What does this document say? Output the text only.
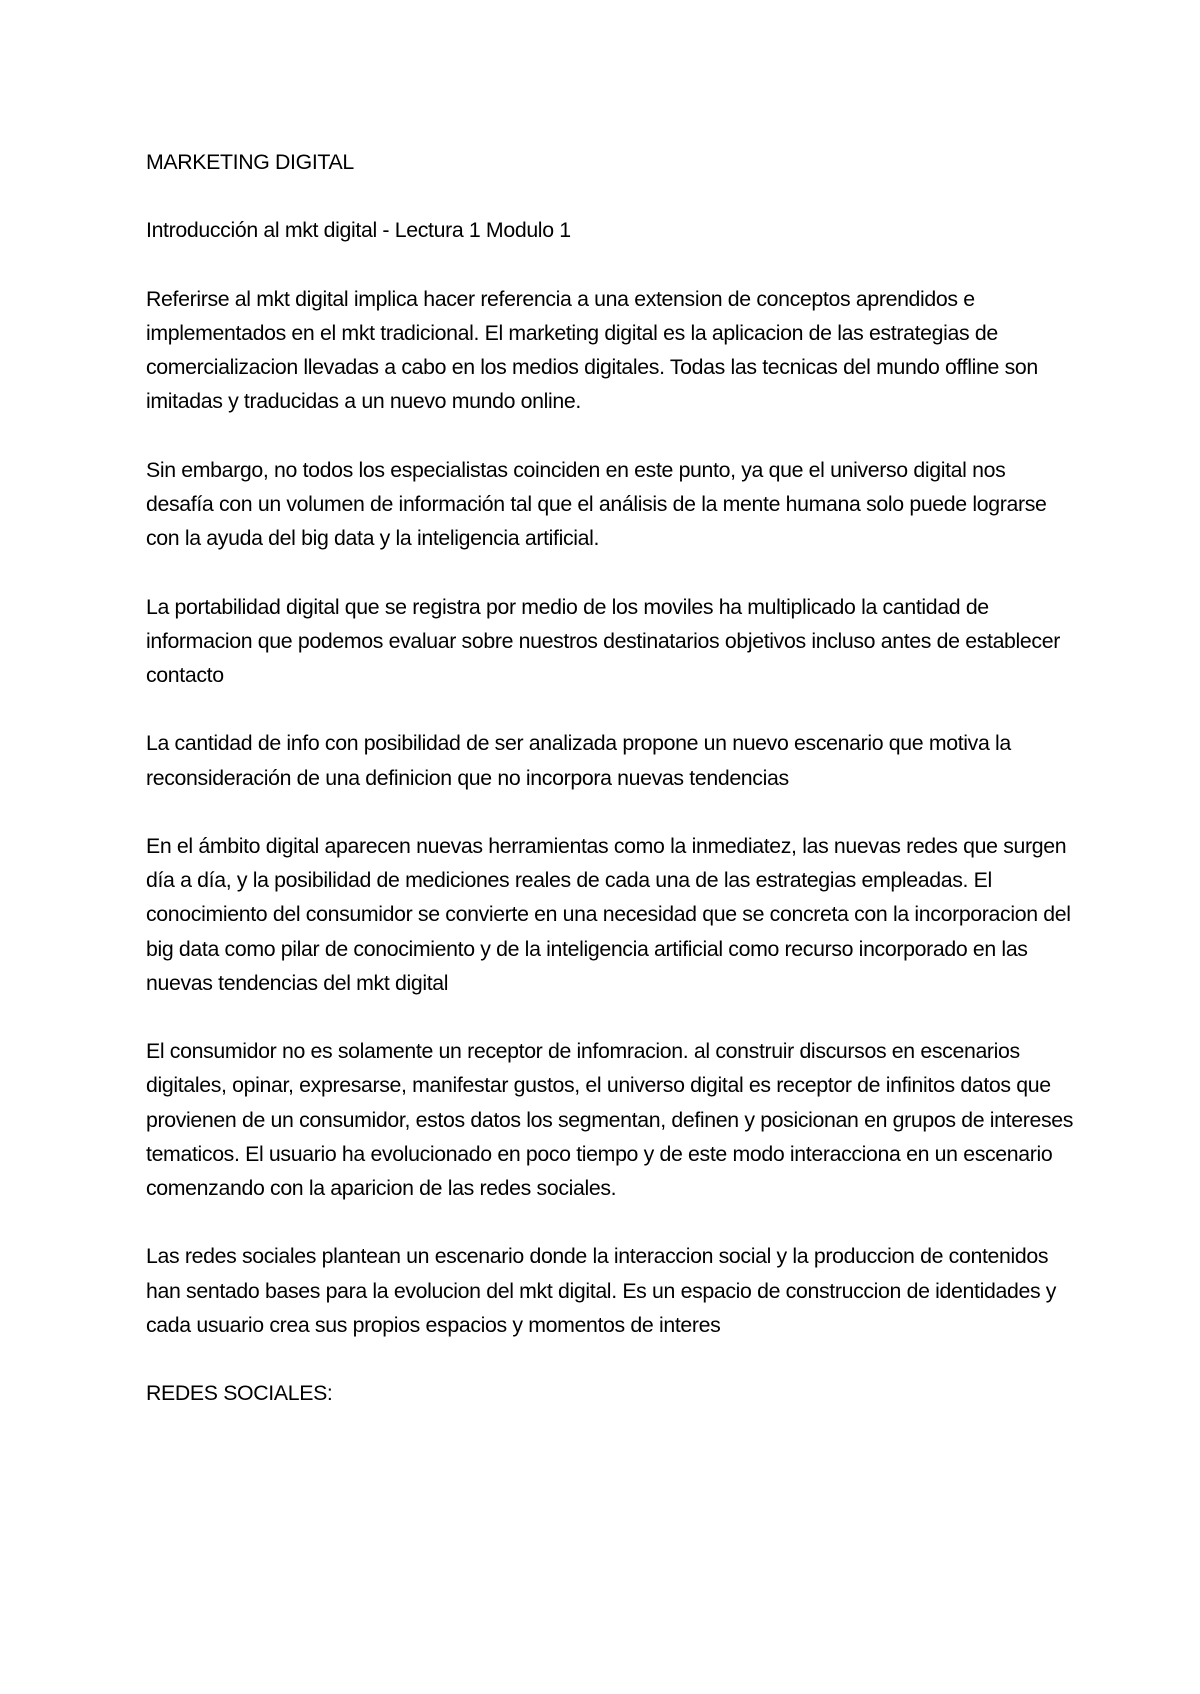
MARKETING DIGITAL

Introducción al mkt digital - Lectura 1 Modulo 1

Referirse al mkt digital implica hacer referencia a una extension de conceptos aprendidos e implementados en el mkt tradicional. El marketing digital es la aplicacion de las estrategias de comercializacion llevadas a cabo en los medios digitales. Todas las tecnicas del mundo offline son imitadas y traducidas a un nuevo mundo online.

Sin embargo, no todos los especialistas coinciden en este punto, ya que el universo digital nos desafía con un volumen de información tal que el análisis de la mente humana solo puede lograrse con la ayuda del big data y la inteligencia artificial.

La portabilidad digital que se registra por medio de los moviles ha multiplicado la cantidad de informacion que podemos evaluar sobre nuestros destinatarios objetivos incluso antes de establecer contacto

La cantidad de info con posibilidad de ser analizada propone un nuevo escenario que motiva la reconsideración de una definicion que no incorpora nuevas tendencias

En el ámbito digital aparecen nuevas herramientas como la inmediatez, las nuevas redes que surgen día a día, y la posibilidad de mediciones reales de cada una de las estrategias empleadas. El conocimiento del consumidor se convierte en una necesidad que se concreta con la incorporacion del big data como pilar de conocimiento y de la inteligencia artificial como recurso incorporado en las nuevas tendencias del mkt digital

El consumidor no es solamente un receptor de infomracion. al construir discursos en escenarios digitales, opinar, expresarse, manifestar gustos, el universo digital es receptor de infinitos datos que provienen de un consumidor, estos datos los segmentan, definen y posicionan en grupos de intereses tematicos. El usuario ha evolucionado en poco tiempo y de este modo interacciona en un escenario comenzando con la aparicion de las redes sociales.

Las redes sociales plantean un escenario donde la interaccion social y la produccion de contenidos han sentado bases para la evolucion del mkt digital. Es un espacio de construccion de identidades y cada usuario crea sus propios espacios y momentos de interes

REDES SOCIALES:
